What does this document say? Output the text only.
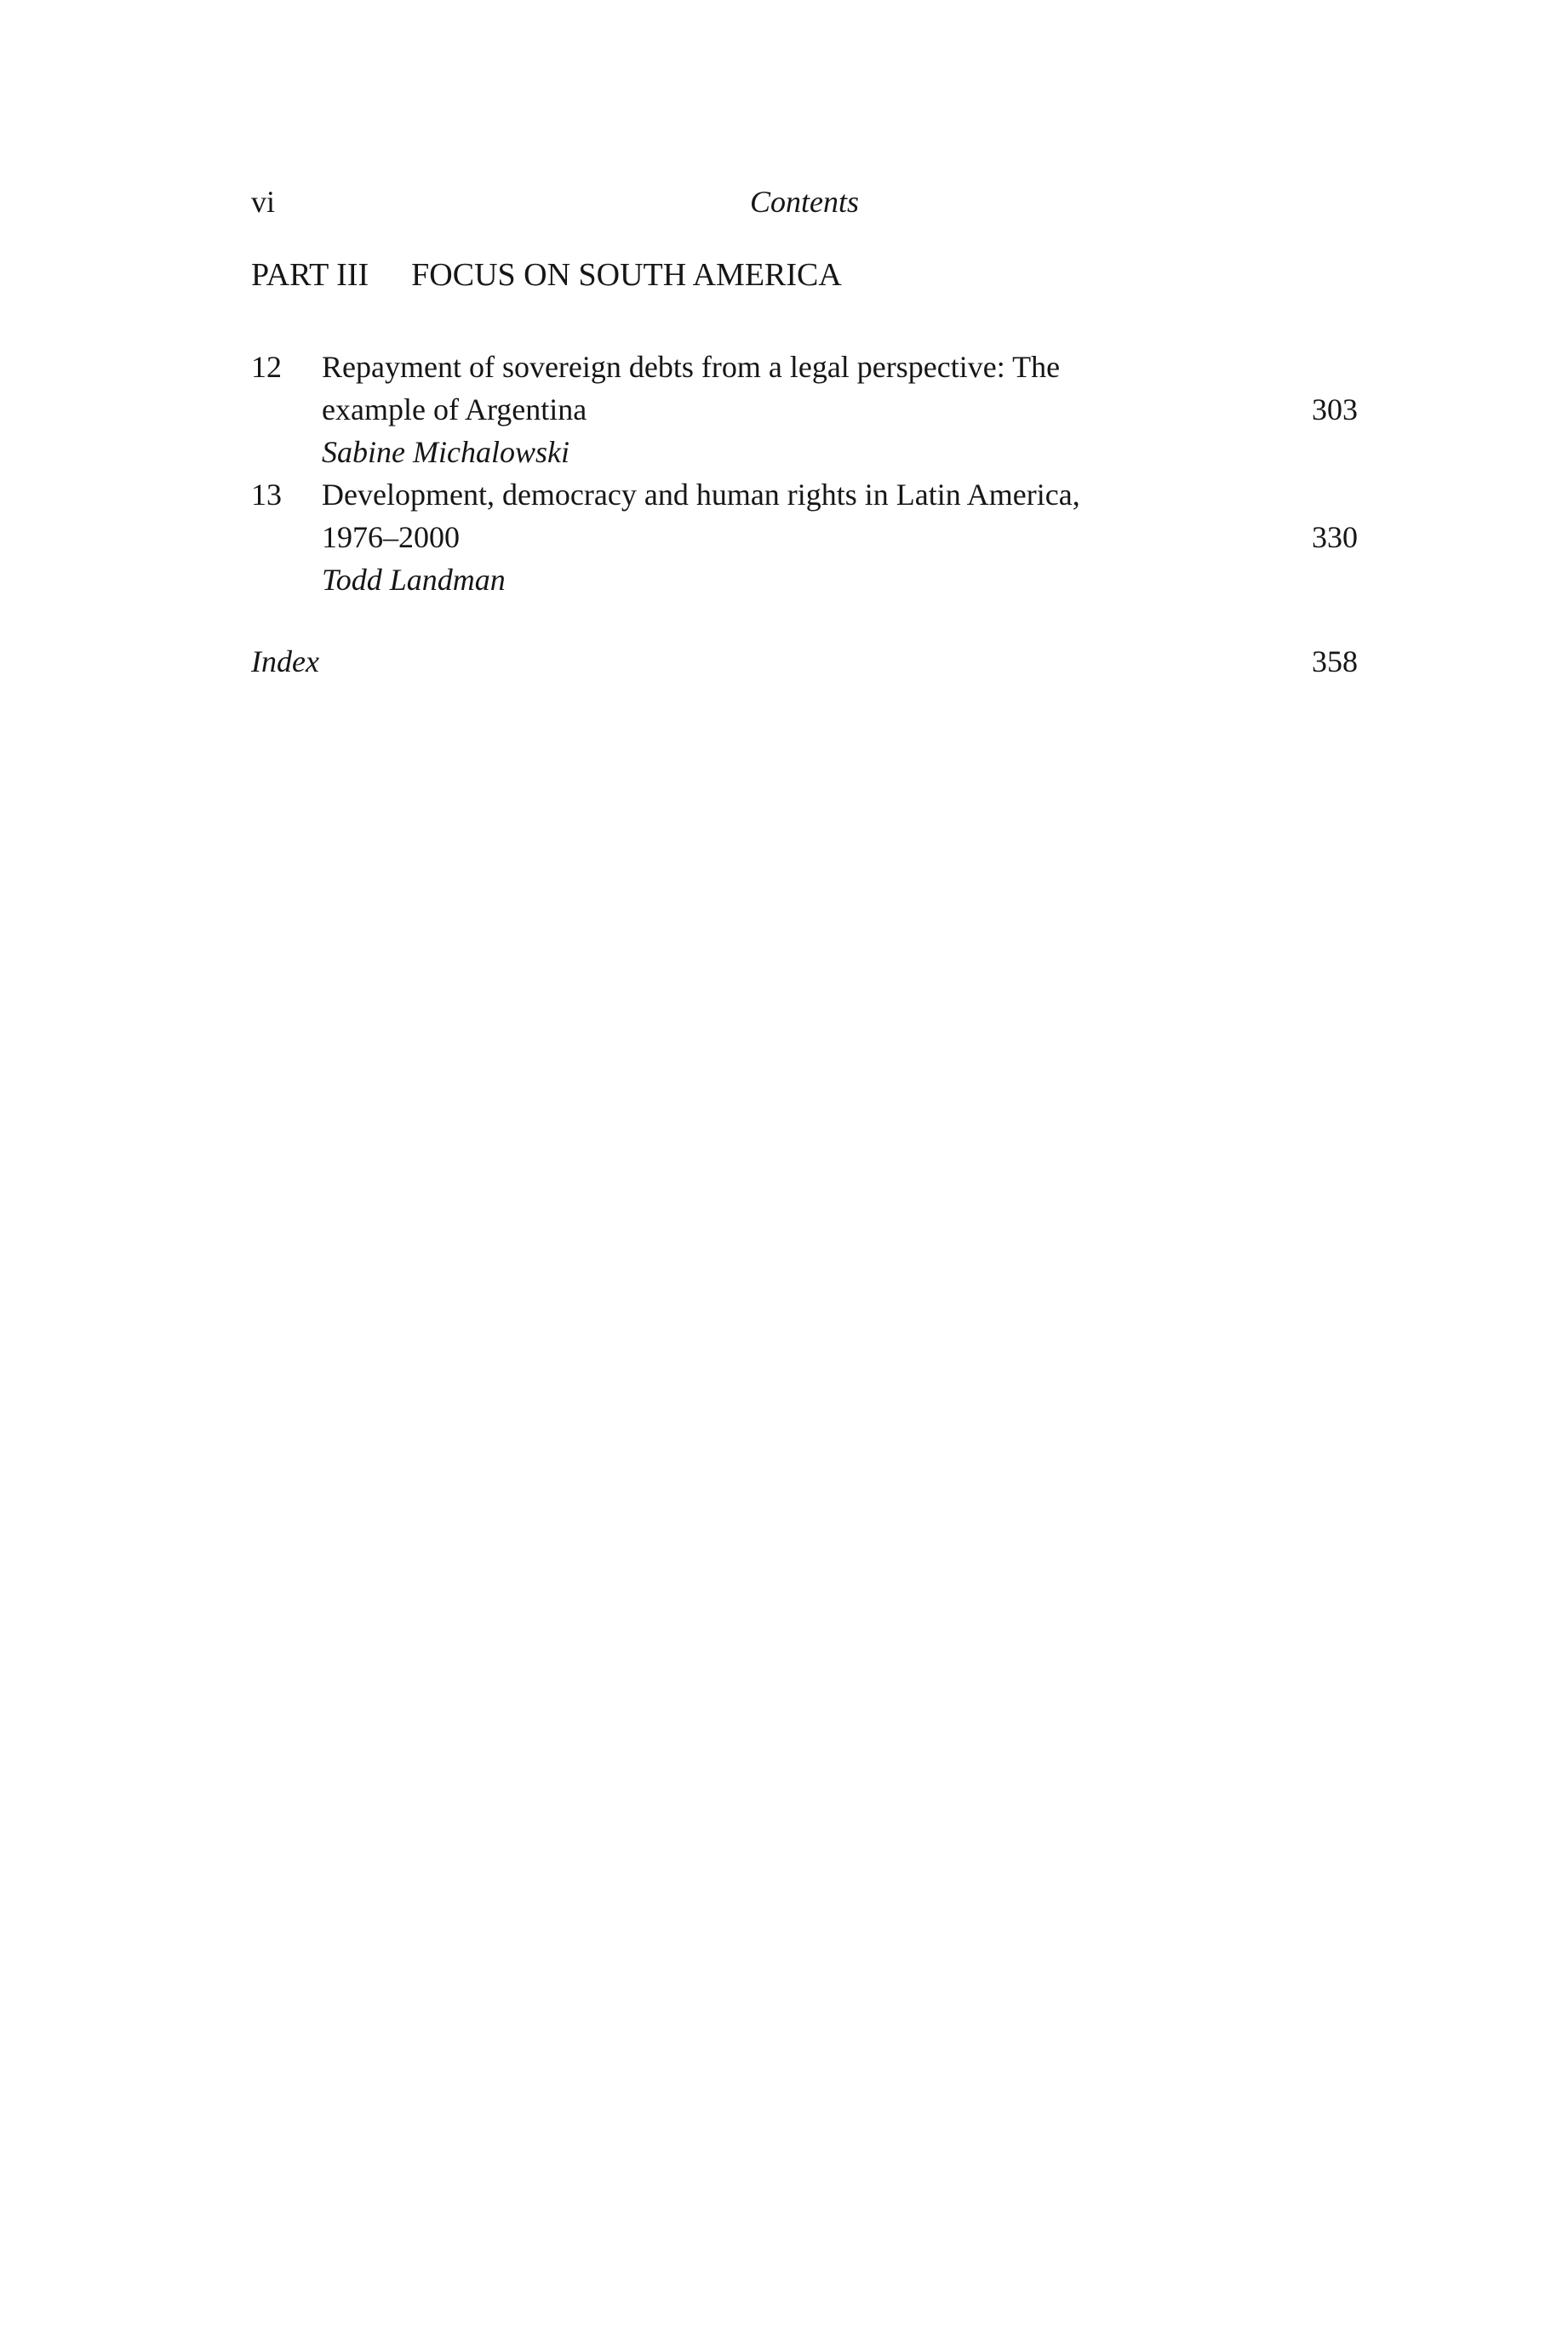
vi	Contents
PART III FOCUS ON SOUTH AMERICA
12	Repayment of sovereign debts from a legal perspective: The
example of Argentina	303
Sabine Michalowski
13	Development, democracy and human rights in Latin America,
1976–2000	330
Todd Landman
Index	358
